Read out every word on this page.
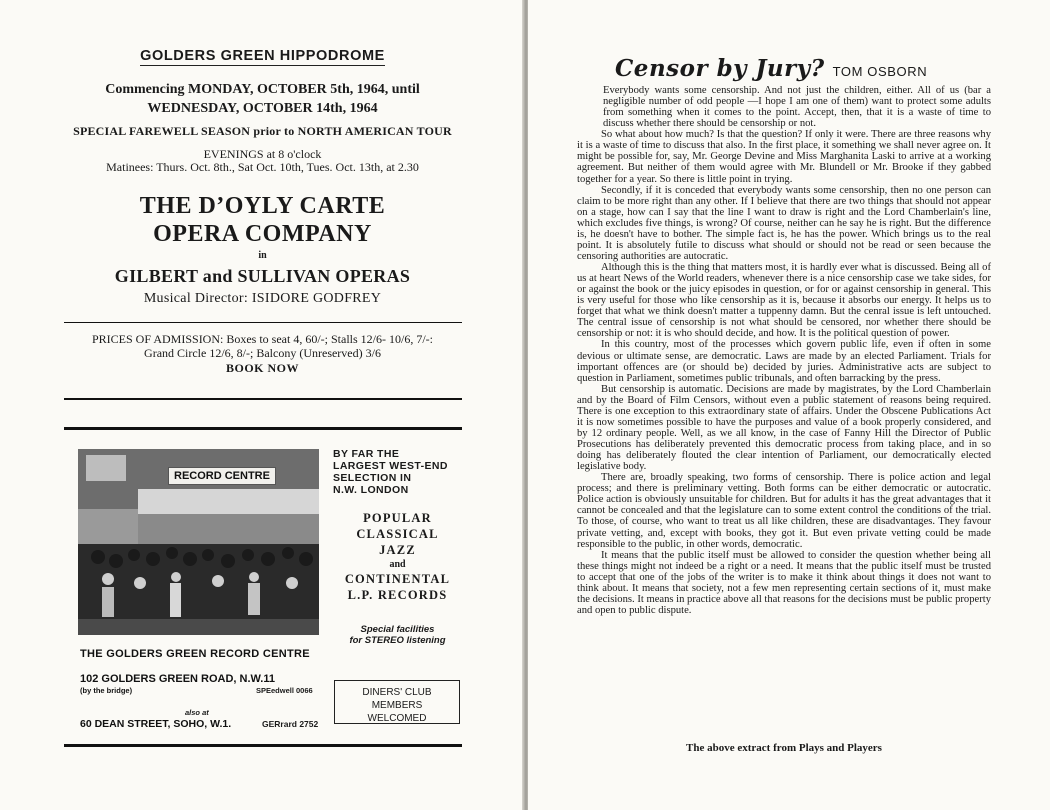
GOLDERS GREEN HIPPODROME
Commencing MONDAY, OCTOBER 5th, 1964, until
WEDNESDAY, OCTOBER 14th, 1964
SPECIAL FAREWELL SEASON prior to NORTH AMERICAN TOUR
EVENINGS at 8 o'clock
Matinees: Thurs. Oct. 8th., Sat Oct. 10th, Tues. Oct. 13th, at 2.30
THE D’OYLY CARTE
OPERA COMPANY
in
GILBERT and SULLIVAN OPERAS
Musical Director: ISIDORE GODFREY
PRICES OF ADMISSION: Boxes to seat 4, 60/-; Stalls 12/6- 10/6, 7/-:
Grand Circle 12/6, 8/-; Balcony (Unreserved) 3/6
BOOK NOW
RECORD CENTRE
BY FAR THE
LARGEST WEST-END
SELECTION IN
N.W. LONDON
POPULAR
CLASSICAL
JAZZ
and
CONTINENTAL
L.P. RECORDS
Special facilities
for STEREO listening
THE GOLDERS GREEN RECORD CENTRE
102 GOLDERS GREEN ROAD, N.W.11
(by the bridge)	SPEedwell 0066
also at
60 DEAN STREET, SOHO, W.1.	GERrard 2752
DINERS' CLUB
MEMBERS
WELCOMED
Censor by Jury? TOM OSBORN

Everybody wants some censorship. And not just the children, either. All of us (bar a negligible number of odd people —I hope I am one of them) want to protect some adults from something when it comes to the point. Accept, then, that it is a waste of time to discuss whether there should be censorship or not.

So what about how much? Is that the question? If only it were. There are three reasons why it is a waste of time to discuss that also. In the first place, it something we shall never agree on. It might be possible for, say, Mr. George Devine and Miss Marghanita Laski to arrive at a working agreement. But neither of them would agree with Mr. Blundell or Mr. Brooke if they gabbed together for a year. So there is little point in trying.

Secondly, if it is conceded that everybody wants some censorship, then no one person can claim to be more right than any other. If I believe that there are two things that should not appear on a stage, how can I say that the line I want to draw is right and the Lord Chamberlain's line, which excludes five things, is wrong? Of course, neither can he say he is right. But the difference is, he doesn't have to bother. The simple fact is, he has the power. Which brings us to the real point. It is absolutely futile to discuss what should or should not be read or seen because the censoring authorities are autocratic.

Although this is the thing that matters most, it is hardly ever what is discussed. Being all of us at heart News of the World readers, whenever there is a nice censorship case we take sides, for or against the book or the juicy episodes in question, or for or against censorship in general. This is very useful for those who like censorship as it is, because it absorbs our energy. It helps us to forget that what we think doesn't matter a tuppenny damn. But the cenral issue is left untouched. The central issue of censorship is not what should be censored, nor whether there should be censorship or not: it is who should decide, and how. It is the political question of power.

In this country, most of the processes which govern public life, even if often in some devious or ultimate sense, are democratic. Laws are made by an elected Parliament. Trials for important offences are (or should be) decided by juries. Administrative acts are subject to question in Parliament, sometimes public tribunals, and often barracking by the press.

But censorship is automatic. Decisions are made by magistrates, by the Lord Chamberlain and by the Board of Film Censors, without even a public statement of reasons being required. There is one exception to this extraordinary state of affairs. Under the Obscene Publications Act it is now sometimes possible to have the purposes and value of a book properly considered, and by 12 ordinary people. Well, as we all know, in the case of Fanny Hill the Director of Public Prosecutions has deliberately prevented this democratic process from taking place, and in so doing has deliberately flouted the clear intention of Parliament, our democratically elected legislative body.

There are, broadly speaking, two forms of censorship. There is police action and legal process; and there is preliminary vetting. Both forms can be either democratic or autocratic. Police action is obviously unsuitable for children. But for adults it has the great advantages that it cannot be concealed and that the legislature can to some extent control the conditions of the trial. To those, of course, who want to treat us all like children, these are disadvantages. They favour private vetting, and, except with books, they got it. But even private vetting could be made responsible to the public, in other words, democratic.

It means that the public itself must be allowed to consider the question whether being all these things might not indeed be a right or a need. It means that the public itself must be trusted to accept that one of the jobs of the writer is to make it think about things it does not want to think about. It means that society, not a few men representing certain sections of it, must make the decisions. It means in practice above all that reasons for the decisions must be public property and open to public dispute.

The above extract from Plays and Players
